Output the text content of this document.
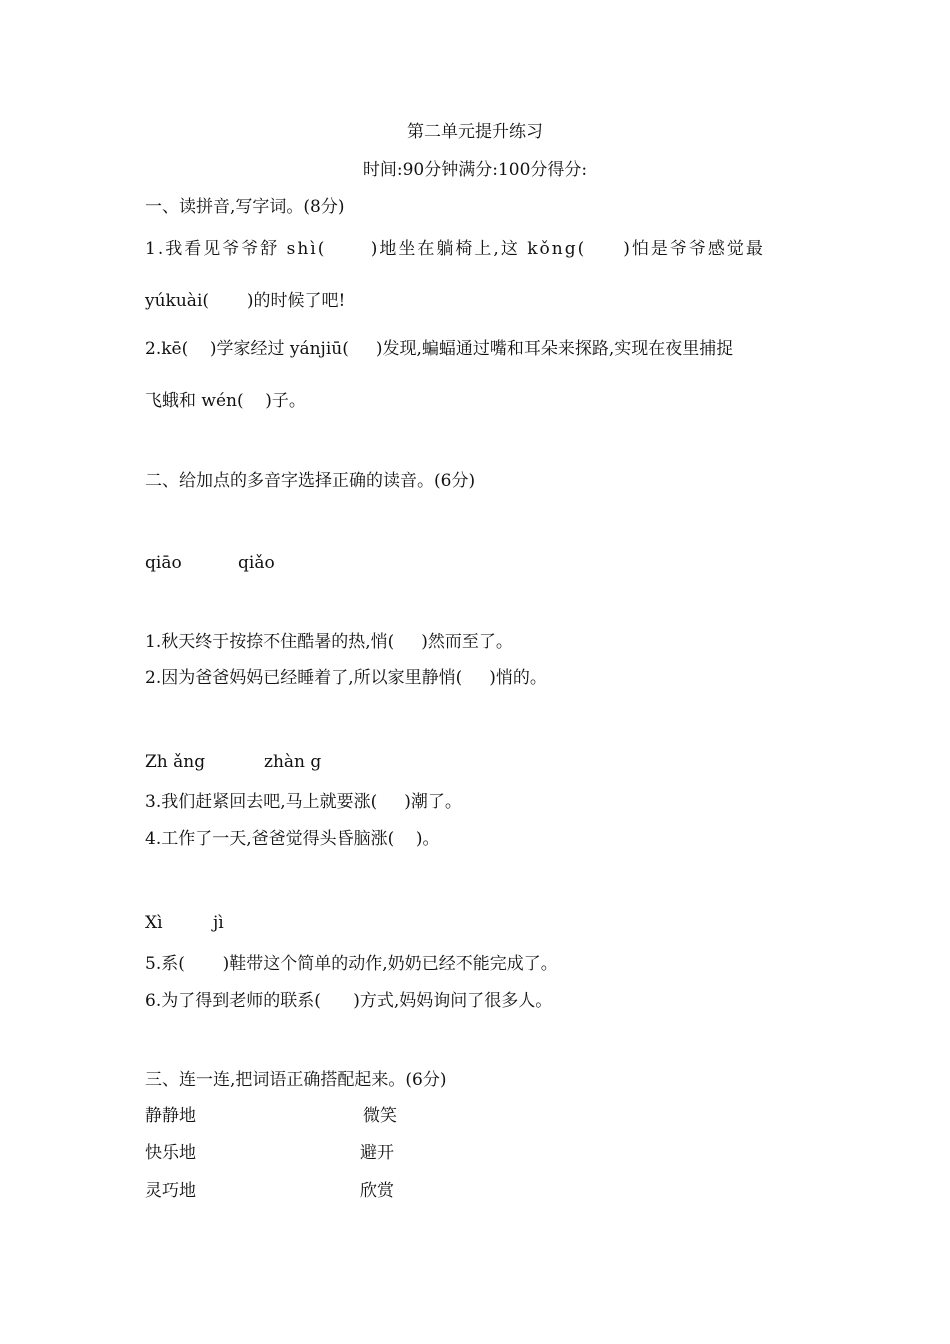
第二单元提升练习
时间:90分钟满分:100分得分:
一、读拼音,写字词。(8分)
1.我看见爷爷舒 shì(      )地坐在躺椅上,这 kǒng(     )怕是爷爷感觉最
yúkuài(       )的时候了吧!
2.kē(    )学家经过 yánjiū(     )发现,蝙蝠通过嘴和耳朵来探路,实现在夜里捕捉
飞蛾和 wén(    )子。
二、给加点的多音字选择正确的读音。(6分)
qiāo	qiǎo
1.秋天终于按捺不住酷暑的热,悄(     )然而至了。
2.因为爸爸妈妈已经睡着了,所以家里静悄(     )悄的。
Zh ǎng	zhàn g
3.我们赶紧回去吧,马上就要涨(     )潮了。
4.工作了一天,爸爸觉得头昏脑涨(    )。
Xì	jì
5.系(       )鞋带这个简单的动作,奶奶已经不能完成了。
6.为了得到老师的联系(      )方式,妈妈询问了很多人。
三、连一连,把词语正确搭配起来。(6分)
静静地	微笑
快乐地	避开
灵巧地	欣赏
